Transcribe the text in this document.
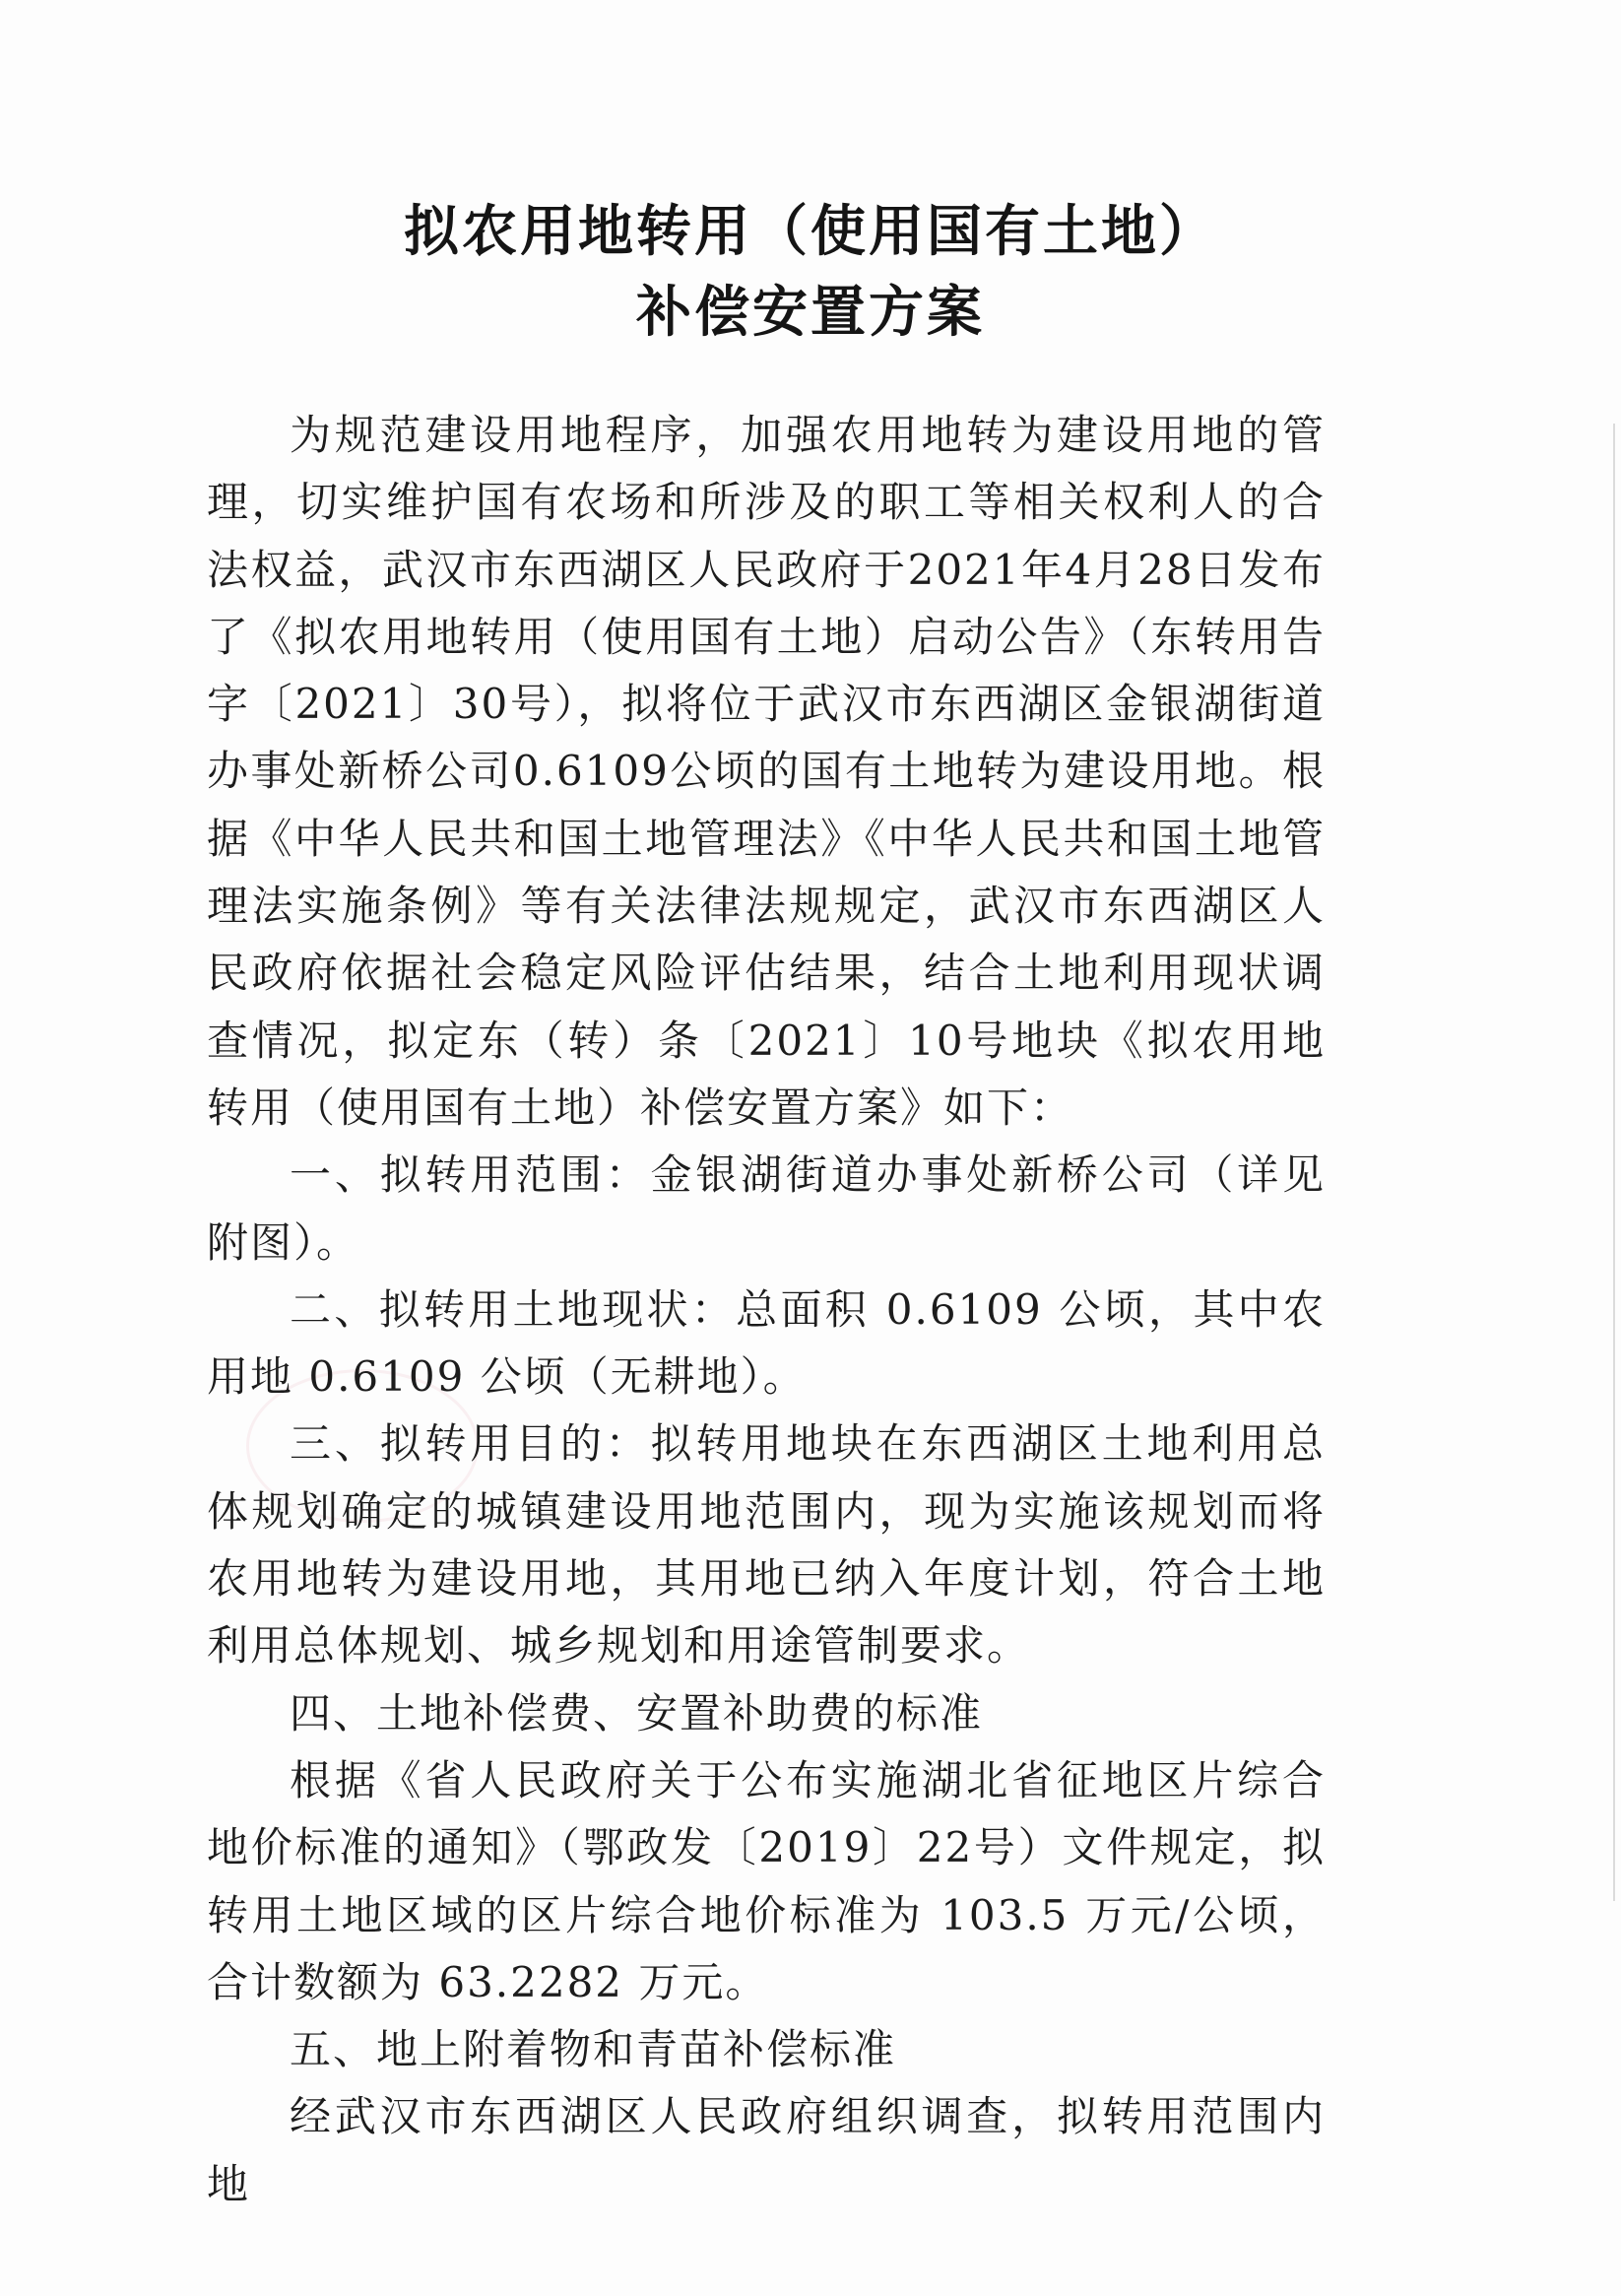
拟农用地转用（使用国有土地）
补偿安置方案

为规范建设用地程序，加强农用地转为建设用地的管理，切实维护国有农场和所涉及的职工等相关权利人的合法权益，武汉市东西湖区人民政府于2021年4月28日发布了《拟农用地转用（使用国有土地）启动公告》（东转用告字〔2021〕30号），拟将位于武汉市东西湖区金银湖街道办事处新桥公司0.6109公顷的国有土地转为建设用地。根据《中华人民共和国土地管理法》《中华人民共和国土地管理法实施条例》等有关法律法规规定，武汉市东西湖区人民政府依据社会稳定风险评估结果，结合土地利用现状调查情况，拟定东（转）条〔2021〕10号地块《拟农用地转用（使用国有土地）补偿安置方案》如下：

一、拟转用范围：金银湖街道办事处新桥公司（详见附图）。

二、拟转用土地现状：总面积 0.6109 公顷，其中农用地 0.6109 公顷（无耕地）。

三、拟转用目的：拟转用地块在东西湖区土地利用总体规划确定的城镇建设用地范围内，现为实施该规划而将农用地转为建设用地，其用地已纳入年度计划，符合土地利用总体规划、城乡规划和用途管制要求。

四、土地补偿费、安置补助费的标准

根据《省人民政府关于公布实施湖北省征地区片综合地价标准的通知》（鄂政发〔2019〕22号）文件规定，拟转用土地区域的区片综合地价标准为 103.5 万元/公顷，合计数额为 63.2282 万元。

五、地上附着物和青苗补偿标准

经武汉市东西湖区人民政府组织调查，拟转用范围内地
